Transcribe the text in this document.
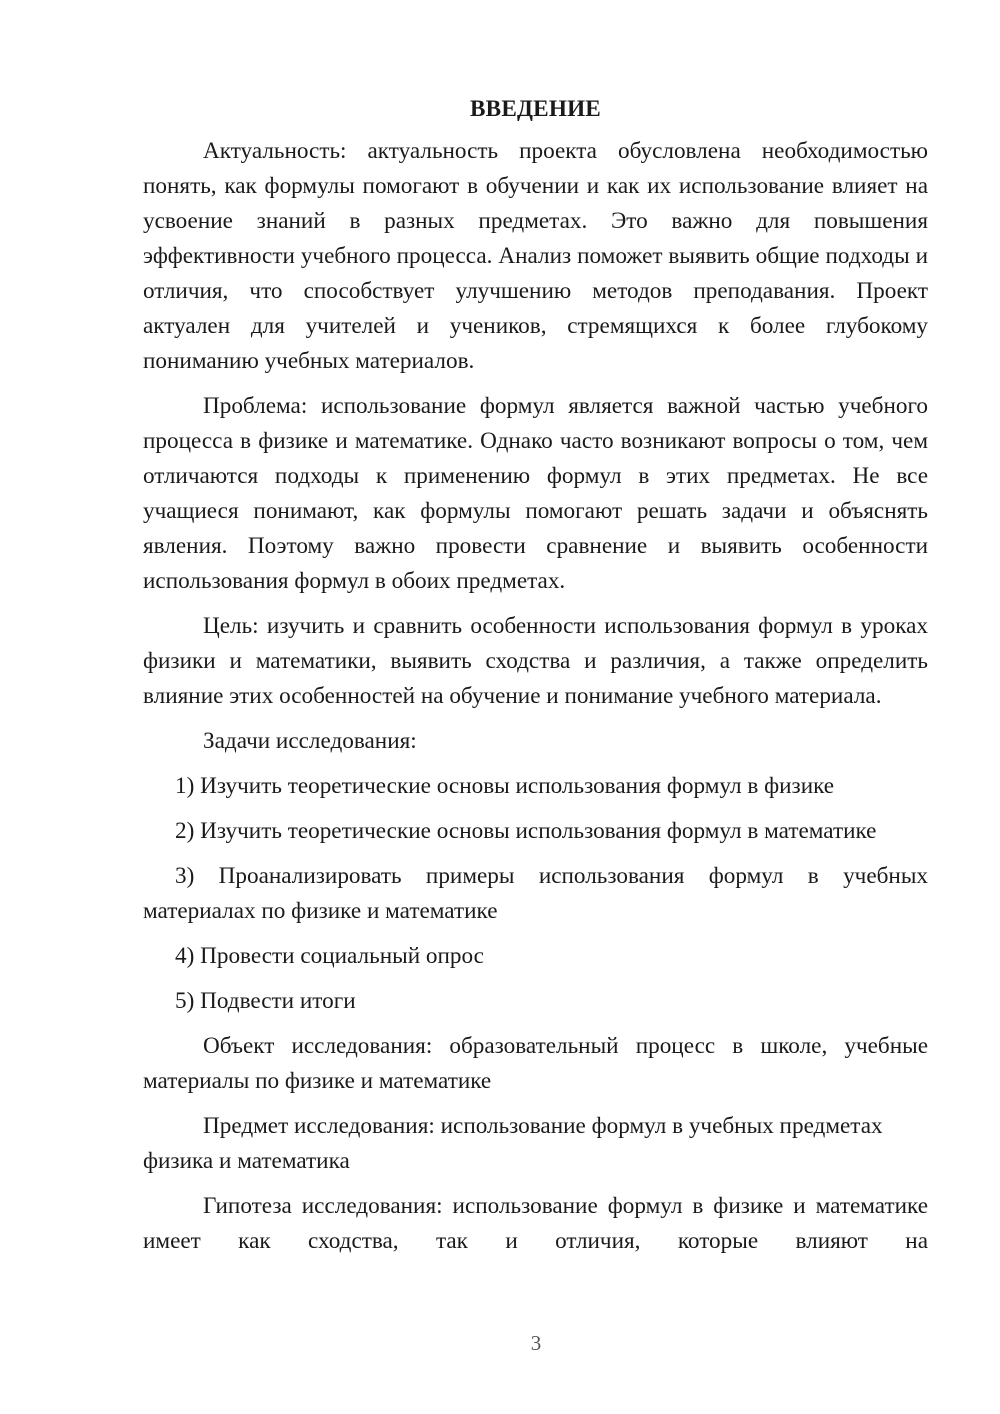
ВВЕДЕНИЕ

Актуальность: актуальность проекта обусловлена необходимостью понять, как формулы помогают в обучении и как их использование влияет на усвоение знаний в разных предметах. Это важно для повышения эффективности учебного процесса. Анализ поможет выявить общие подходы и отличия, что способствует улучшению методов преподавания. Проект актуален для учителей и учеников, стремящихся к более глубокому пониманию учебных материалов.

Проблема: использование формул является важной частью учебного процесса в физике и математике. Однако часто возникают вопросы о том, чем отличаются подходы к применению формул в этих предметах. Не все учащиеся понимают, как формулы помогают решать задачи и объяснять явления. Поэтому важно провести сравнение и выявить особенности использования формул в обоих предметах.

Цель: изучить и сравнить особенности использования формул в уроках физики и математики, выявить сходства и различия, а также определить влияние этих особенностей на обучение и понимание учебного материала.

Задачи исследования:

1) Изучить теоретические основы использования формул в физике

2) Изучить теоретические основы использования формул в математике

3) Проанализировать примеры использования формул в учебных материалах по физике и математике

4) Провести социальный опрос

5) Подвести итоги

Объект исследования: образовательный процесс в школе, учебные материалы по физике и математике

Предмет исследования: использование формул в учебных предметах физика и математика

Гипотеза исследования: использование формул в физике и математике имеет как сходства, так и отличия, которые влияют на

3
